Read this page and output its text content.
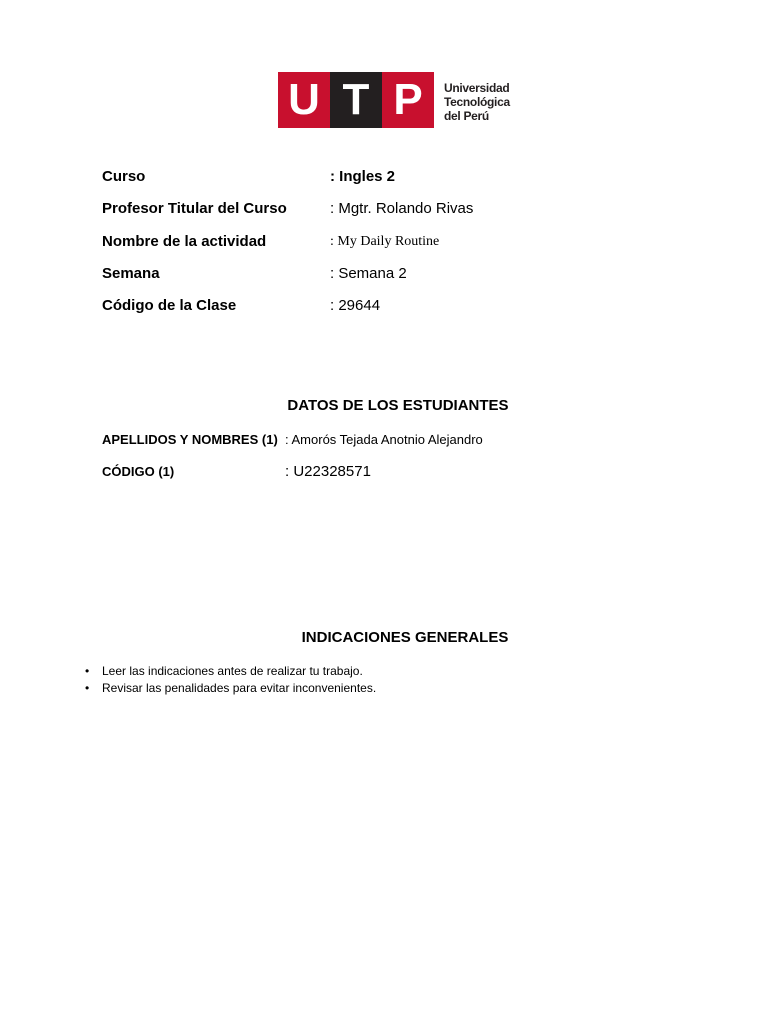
U T P	Universidad
Tecnológica
del Perú
Curso	: Ingles 2
Profesor Titular del Curso	: Mgtr. Rolando Rivas
Nombre de la actividad	: My Daily Routine
Semana	: Semana 2
Código de la Clase	: 29644
DATOS DE LOS ESTUDIANTES
APELLIDOS Y NOMBRES (1) : Amorós Tejada Anotnio Alejandro
CÓDIGO (1)	: U22328571
INDICACIONES GENERALES
• Leer las indicaciones antes de realizar tu trabajo.
• Revisar las penalidades para evitar inconvenientes.
